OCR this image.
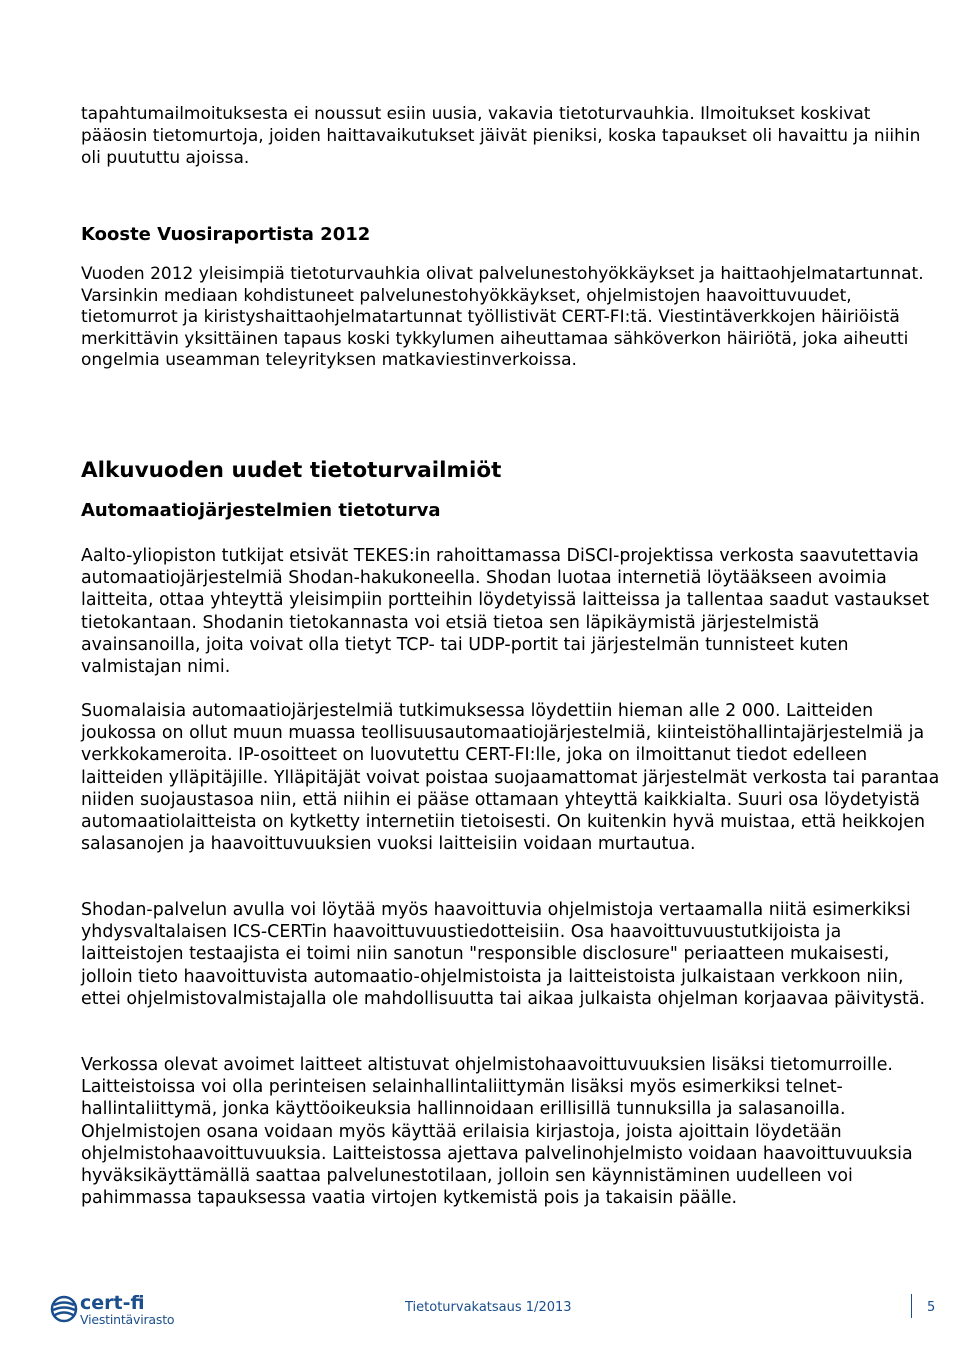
tapahtumailmoituksesta ei noussut esiin uusia, vakavia tietoturvauhkia. Ilmoitukset koskivat pääosin tietomurtoja, joiden haittavaikutukset jäivät pieniksi, koska tapaukset oli havaittu ja niihin oli puututtu ajoissa.

Kooste Vuosiraportista 2012

Vuoden 2012 yleisimpiä tietoturvauhkia olivat palvelunestohyökkäykset ja haittaohjelmatartunnat. Varsinkin mediaan kohdistuneet palvelunestohyökkäykset, ohjelmistojen haavoittuvuudet, tietomurrot ja kiristyshaittaohjelmatartunnat työllistivät CERT-FI:tä. Viestintäverkkojen häiriöistä merkittävin yksittäinen tapaus koski tykkylumen aiheuttamaa sähköverkon häiriötä, joka aiheutti ongelmia useamman teleyrityksen matkaviestinverkoissa.

Alkuvuoden uudet tietoturvailmiöt
Automaatiojärjestelmien tietoturva

Aalto-yliopiston tutkijat etsivät TEKES:in rahoittamassa DiSCI-projektissa verkosta saavutettavia automaatiojärjestelmiä Shodan-hakukoneella. Shodan luotaa internetiä löytääkseen avoimia laitteita, ottaa yhteyttä yleisimpiin portteihin löydetyissä laitteissa ja tallentaa saadut vastaukset tietokantaan. Shodanin tietokannasta voi etsiä tietoa sen läpikäymistä järjestelmistä avainsanoilla, joita voivat olla tietyt TCP- tai UDP-portit tai järjestelmän tunnisteet kuten valmistajan nimi.

Suomalaisia automaatiojärjestelmiä tutkimuksessa löydettiin hieman alle 2 000. Laitteiden joukossa on ollut muun muassa teollisuusautomaatiojärjestelmiä, kiinteistöhallintajärjestelmiä ja verkkokameroita. IP-osoitteet on luovutettu CERT-FI:lle, joka on ilmoittanut tiedot edelleen laitteiden ylläpitäjille. Ylläpitäjät voivat poistaa suojaamattomat järjestelmät verkosta tai parantaa niiden suojaustasoa niin, että niihin ei pääse ottamaan yhteyttä kaikkialta. Suuri osa löydetyistä automaatiolaitteista on kytketty internetiin tietoisesti. On kuitenkin hyvä muistaa, että heikkojen salasanojen ja haavoittuvuuksien vuoksi laitteisiin voidaan murtautua.

Shodan-palvelun avulla voi löytää myös haavoittuvia ohjelmistoja vertaamalla niitä esimerkiksi yhdysvaltalaisen ICS-CERTin haavoittuvuustiedotteisiin. Osa haavoittuvuustutkijoista ja laitteistojen testaajista ei toimi niin sanotun "responsible disclosure" periaatteen mukaisesti, jolloin tieto haavoittuvista automaatio-ohjelmistoista ja laitteistoista julkaistaan verkkoon niin, ettei ohjelmistovalmistajalla ole mahdollisuutta tai aikaa julkaista ohjelman korjaavaa päivitystä.

Verkossa olevat avoimet laitteet altistuvat ohjelmistohaavoittuvuuksien lisäksi tietomurroille. Laitteistoissa voi olla perinteisen selainhallintaliittymän lisäksi myös esimerkiksi telnet-hallintaliittymä, jonka käyttöoikeuksia hallinnoidaan erillisillä tunnuksilla ja salasanoilla. Ohjelmistojen osana voidaan myös käyttää erilaisia kirjastoja, joista ajoittain löydetään ohjelmistohaavoittuvuuksia. Laitteistossa ajettava palvelinohjelmisto voidaan haavoittuvuuksia hyväksikäyttämällä saattaa palvelunestotilaan, jolloin sen käynnistäminen uudelleen voi pahimmassa tapauksessa vaatia virtojen kytkemistä pois ja takaisin päälle.

cert-fi
Viestintävirasto
Tietoturvakatsaus 1/2013	5
